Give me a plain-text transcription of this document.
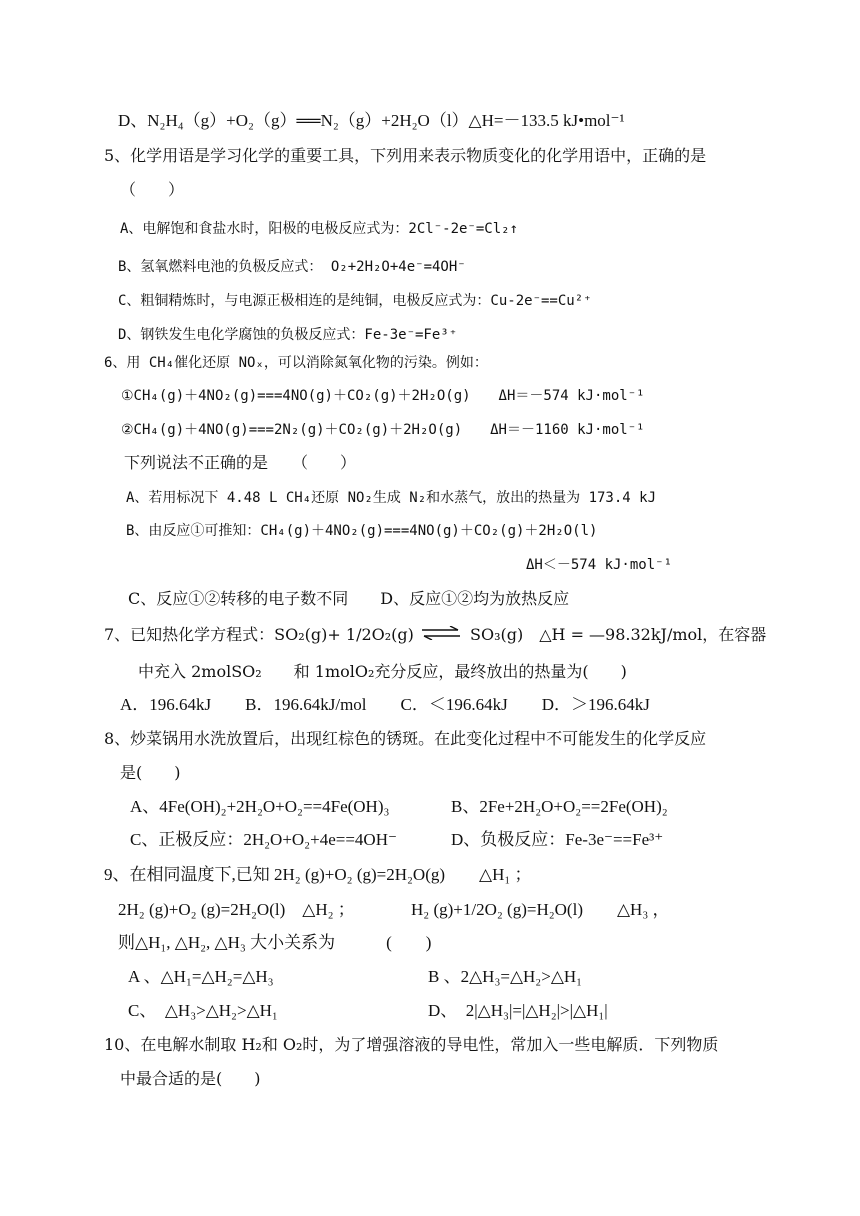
D、N₂H₄（g）+O₂（g）══N₂（g）+2H₂O（l）△H=－133.5 kJ•mol⁻¹
5、化学用语是学习化学的重要工具，下列用来表示物质变化的化学用语中，正确的是
（　　）
A、电解饱和食盐水时，阳极的电极反应式为：2Cl⁻-2e⁻=Cl₂↑
B、氢氧燃料电池的负极反应式： O₂+2H₂O+4e⁻=4OH⁻
C、粗铜精炼时，与电源正极相连的是纯铜，电极反应式为：Cu-2e⁻==Cu²⁺
D、钢铁发生电化学腐蚀的负极反应式：Fe-3e⁻=Fe³⁺
6、用 CH₄催化还原 NOₓ，可以消除氮氧化物的污染。例如：
①CH₄(g)＋4NO₂(g)===4NO(g)＋CO₂(g)＋2H₂O(g)　　ΔH＝－574 kJ·mol⁻¹
②CH₄(g)＋4NO(g)===2N₂(g)＋CO₂(g)＋2H₂O(g)　　ΔH＝－1160 kJ·mol⁻¹
下列说法不正确的是　　（　　）
A、若用标况下 4.48 L CH₄还原 NO₂生成 N₂和水蒸气，放出的热量为 173.4 kJ
B、由反应①可推知：CH₄(g)＋4NO₂(g)===4NO(g)＋CO₂(g)＋2H₂O(l)
ΔH＜－574 kJ·mol⁻¹
C、反应①②转移的电子数不同　　D、反应①②均为放热反应
7、已知热化学方程式：SO₂(g)+ 1/2O₂(g) ⇌ SO₃(g)　△H = —98.32kJ/mol，在容器
中充入 2molSO₂　　和 1molO₂充分反应，最终放出的热量为(　　)
A．196.64kJ　　B．196.64kJ/mol　　C．＜196.64kJ　　D．＞196.64kJ
8、炒菜锅用水洗放置后，出现红棕色的锈斑。在此变化过程中不可能发生的化学反应
是(　　)
A、4Fe(OH)₂+2H₂O+O₂==4Fe(OH)₃	B、2Fe+2H₂O+O₂==2Fe(OH)₂
C、正极反应：2H₂O+O₂+4e==4OH⁻	D、负极反应：Fe-3e⁻==Fe³⁺
9、在相同温度下,已知 2H₂ (g)+O₂ (g)=2H₂O(g)　　△H₁ ；
2H₂ (g)+O₂ (g)=2H₂O(l)　△H₂ ；	H₂ (g)+1/2O₂ (g)=H₂O(l)　　△H₃ ，
则△H₁, △H₂, △H₃ 大小关系为　　　(　　)
A 、△H₁=△H₂=△H₃	B 、2△H₃=△H₂>△H₁
C、　△H₃>△H₂>△H₁	D、　2|△H₃|=|△H₂|>|△H₁|
10、在电解水制取 H₂和 O₂时，为了增强溶液的导电性，常加入一些电解质．下列物质
中最合适的是(　　)
